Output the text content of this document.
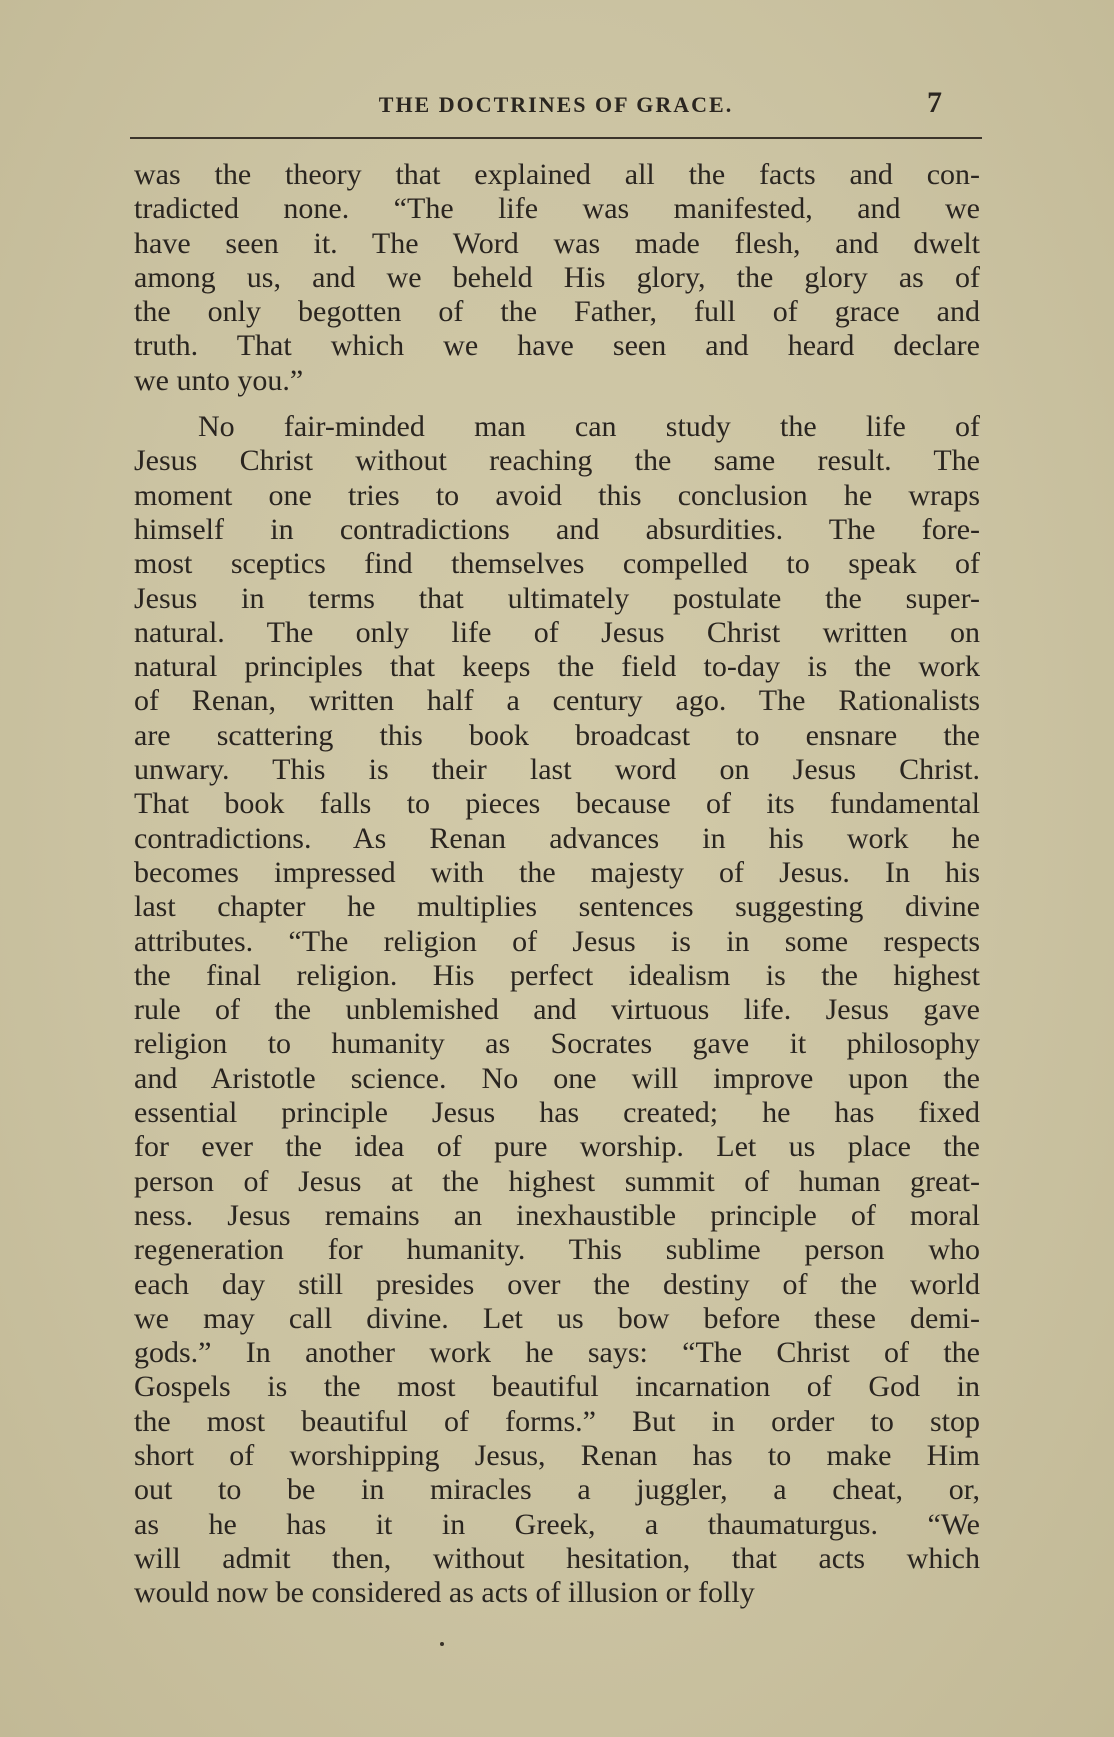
THE DOCTRINES OF GRACE.	7
was the theory that explained all the facts and con-
tradicted none. “The life was manifested, and we
have seen it. The Word was made flesh, and dwelt
among us, and we beheld His glory, the glory as of
the only begotten of the Father, full of grace and
truth. That which we have seen and heard declare
we unto you.”
No fair-minded man can study the life of
Jesus Christ without reaching the same result. The
moment one tries to avoid this conclusion he wraps
himself in contradictions and absurdities. The fore-
most sceptics find themselves compelled to speak of
Jesus in terms that ultimately postulate the super-
natural. The only life of Jesus Christ written on
natural principles that keeps the field to-day is the work
of Renan, written half a century ago. The Rationalists
are scattering this book broadcast to ensnare the
unwary. This is their last word on Jesus Christ.
That book falls to pieces because of its fundamental
contradictions. As Renan advances in his work he
becomes impressed with the majesty of Jesus. In his
last chapter he multiplies sentences suggesting divine
attributes. “The religion of Jesus is in some respects
the final religion. His perfect idealism is the highest
rule of the unblemished and virtuous life. Jesus gave
religion to humanity as Socrates gave it philosophy
and Aristotle science. No one will improve upon the
essential principle Jesus has created; he has fixed
for ever the idea of pure worship. Let us place the
person of Jesus at the highest summit of human great-
ness. Jesus remains an inexhaustible principle of moral
regeneration for humanity. This sublime person who
each day still presides over the destiny of the world
we may call divine. Let us bow before these demi-
gods.” In another work he says: “The Christ of the
Gospels is the most beautiful incarnation of God in
the most beautiful of forms.” But in order to stop
short of worshipping Jesus, Renan has to make Him
out to be in miracles a juggler, a cheat, or,
as he has it in Greek, a thaumaturgus. “We
will admit then, without hesitation, that acts which
would now be considered as acts of illusion or folly
